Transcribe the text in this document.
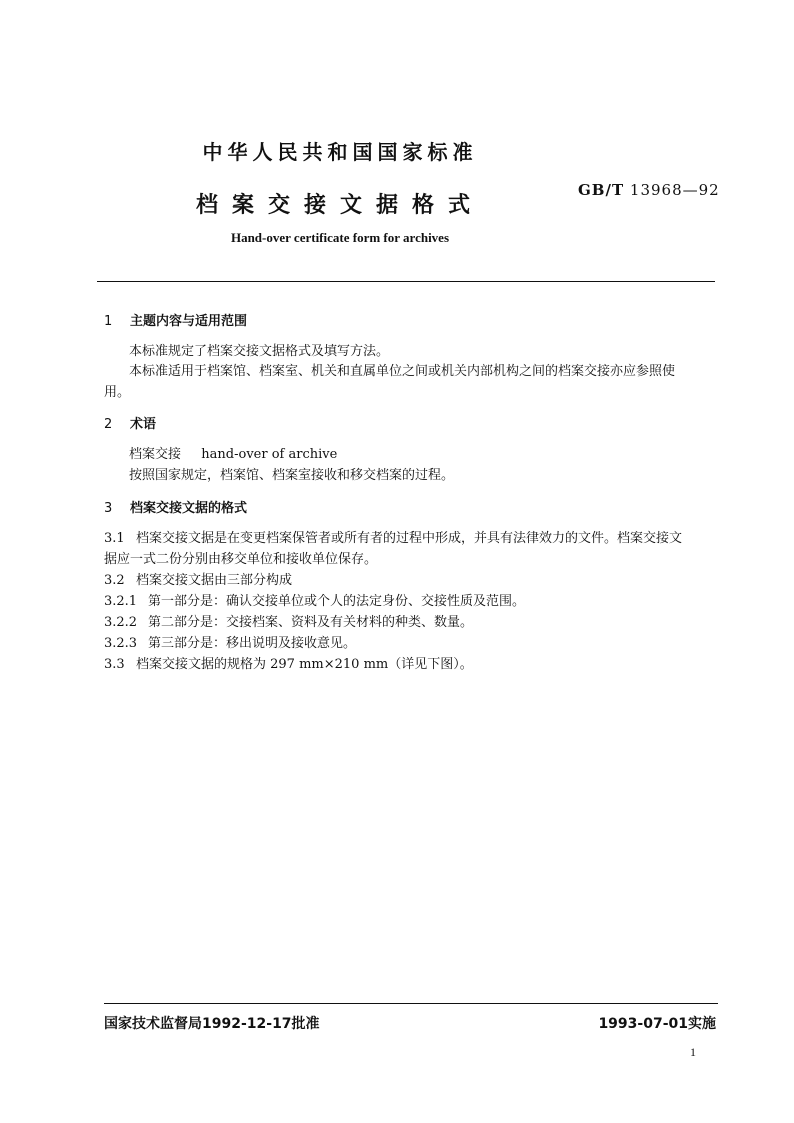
中华人民共和国国家标准
档案交接文据格式
GB/T 13968—92
Hand-over certificate form for archives
1 主题内容与适用范围
本标准规定了档案交接文据格式及填写方法。
本标准适用于档案馆、档案室、机关和直属单位之间或机关内部机构之间的档案交接亦应参照使
用。
2 术语
档案交接 hand-over of archive
按照国家规定，档案馆、档案室接收和移交档案的过程。
3 档案交接文据的格式
3.1 档案交接文据是在变更档案保管者或所有者的过程中形成，并具有法律效力的文件。档案交接文
据应一式二份分别由移交单位和接收单位保存。
3.2 档案交接文据由三部分构成
3.2.1 第一部分是：确认交接单位或个人的法定身份、交接性质及范围。
3.2.2 第二部分是：交接档案、资料及有关材料的种类、数量。
3.2.3 第三部分是：移出说明及接收意见。
3.3 档案交接文据的规格为 297 mm×210 mm（详见下图）。
国家技术监督局1992-12-17批准	1993-07-01实施
1
